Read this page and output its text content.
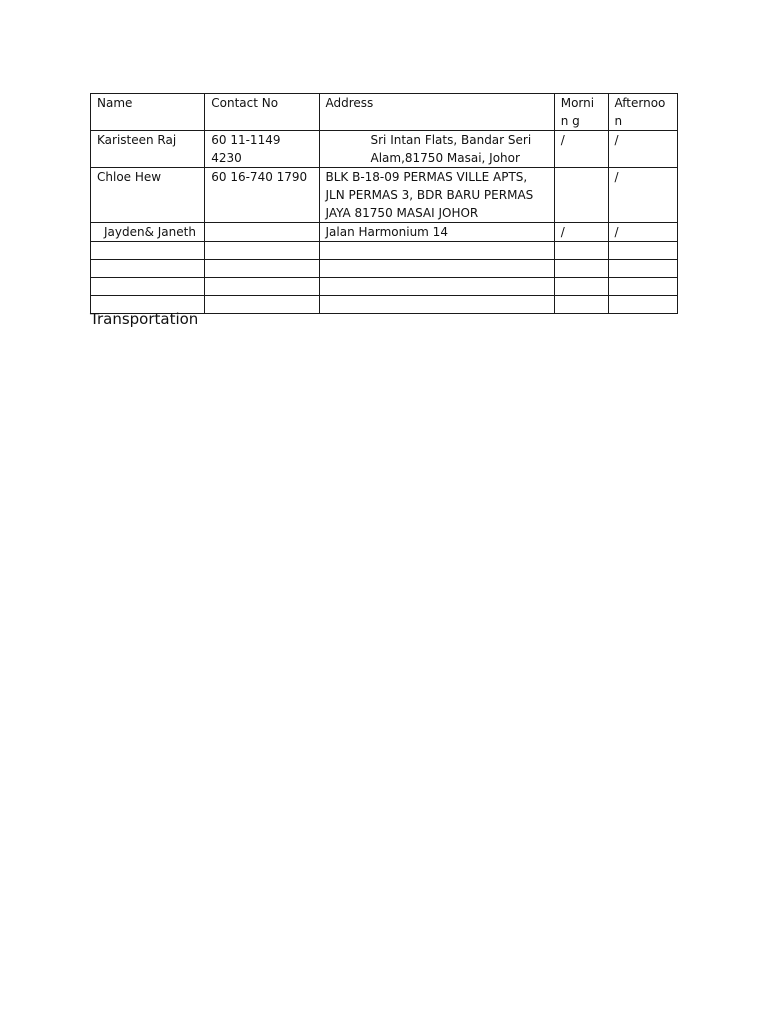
Name	Contact No	Address	Mornin g	Afternoon
Karisteen Raj	60 11-1149 4230	Sri Intan Flats, Bandar Seri Alam,81750 Masai, Johor	/	/
Chloe Hew	60 16-740 1790	BLK B-18-09 PERMAS VILLE APTS, JLN PERMAS 3, BDR BARU PERMAS JAYA 81750 MASAI JOHOR		/
Jayden& Janeth		Jalan Harmonium 14	/	/

Transportation
